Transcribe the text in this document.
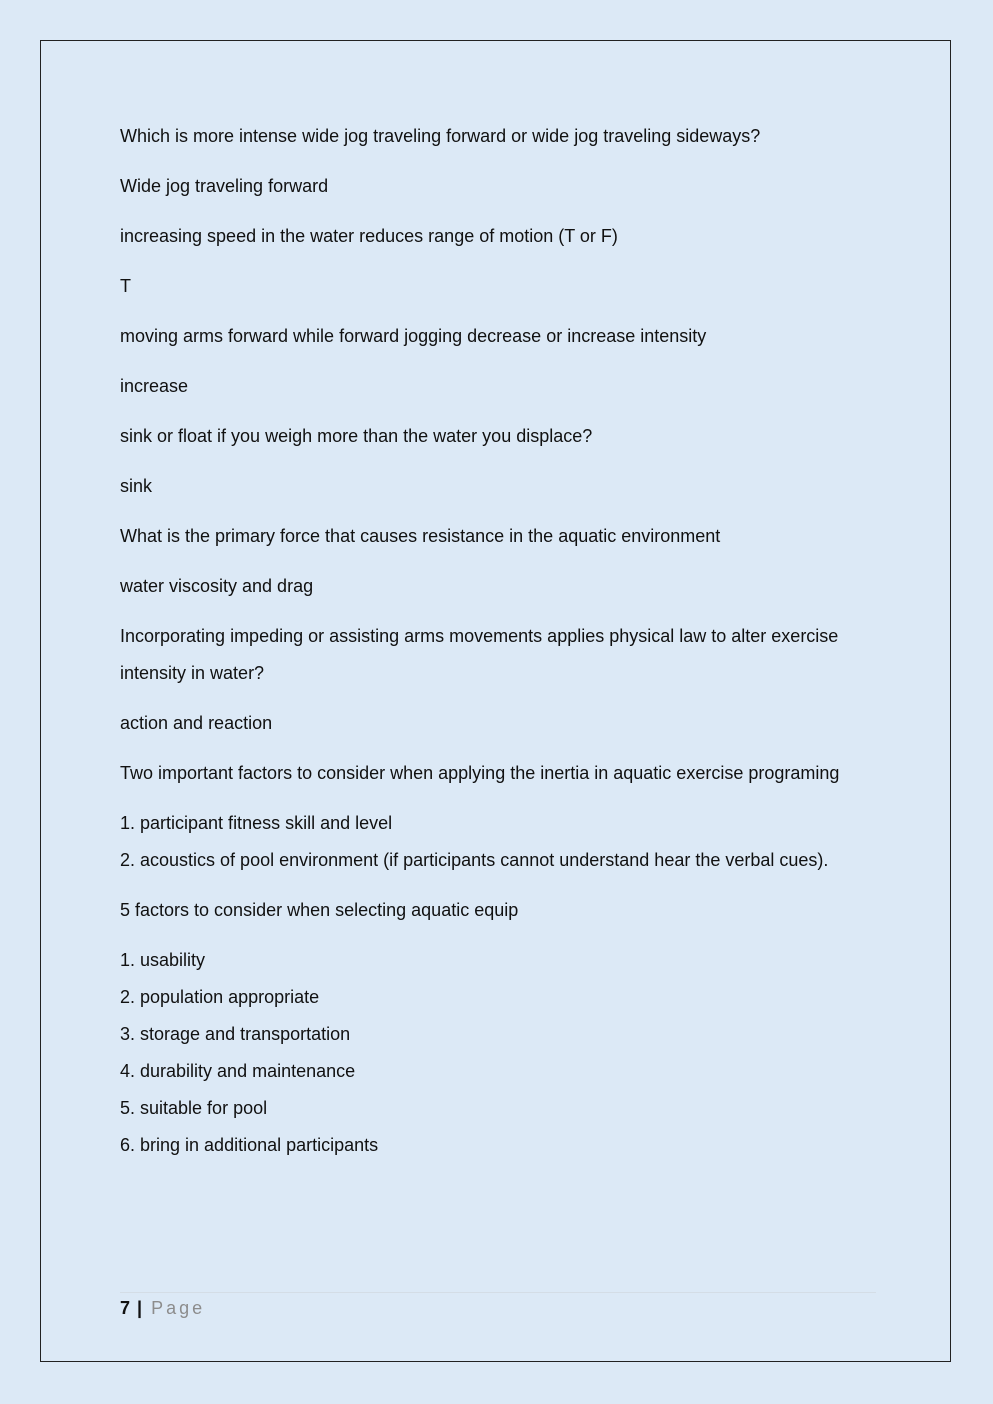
Which is more intense wide jog traveling forward or wide jog traveling sideways?

Wide jog traveling forward

increasing speed in the water reduces range of motion (T or F)

T

moving arms forward while forward jogging decrease or increase intensity

increase

sink or float if you weigh more than the water you displace?

sink

What is the primary force that causes resistance in the aquatic environment

water viscosity and drag

Incorporating impeding or assisting arms movements applies physical law to alter exercise intensity in water?

action and reaction

Two important factors to consider when applying the inertia in aquatic exercise programing

1. participant fitness skill and level
2. acoustics of pool environment (if participants cannot understand hear the verbal cues).

5 factors to consider when selecting aquatic equip

1. usability
2. population appropriate
3. storage and transportation
4. durability and maintenance
5. suitable for pool
6. bring in additional participants
7 | Page
